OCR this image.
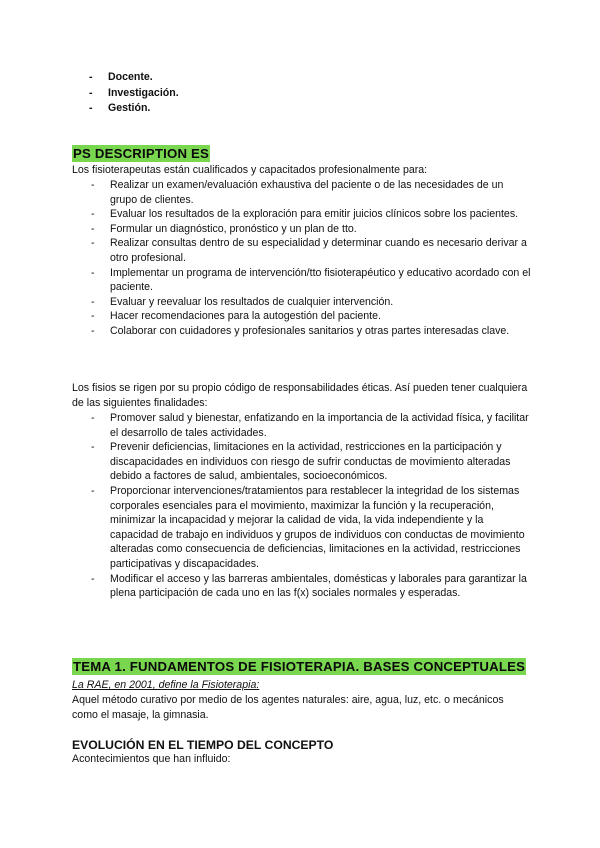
- Docente.
- Investigación.
- Gestión.
PS DESCRIPTION ES
Los fisioterapeutas están cualificados y capacitados profesionalmente para:
- Realizar un examen/evaluación exhaustiva del paciente o de las necesidades de un grupo de clientes.
- Evaluar los resultados de la exploración para emitir juicios clínicos sobre los pacientes.
- Formular un diagnóstico, pronóstico y un plan de tto.
- Realizar consultas dentro de su especialidad y determinar cuando es necesario derivar a otro profesional.
- Implementar un programa de intervención/tto fisioterapéutico y educativo acordado con el paciente.
- Evaluar y reevaluar los resultados de cualquier intervención.
- Hacer recomendaciones para la autogestión del paciente.
- Colaborar con cuidadores y profesionales sanitarios y otras partes interesadas clave.
Los fisios se rigen por su propio código de responsabilidades éticas. Así pueden tener cualquiera de las siguientes finalidades:
- Promover salud y bienestar, enfatizando en la importancia de la actividad física, y facilitar el desarrollo de tales actividades.
- Prevenir deficiencias, limitaciones en la actividad, restricciones en la participación y discapacidades en individuos con riesgo de sufrir conductas de movimiento alteradas debido a factores de salud, ambientales, socioeconómicos.
- Proporcionar intervenciones/tratamientos para restablecer la integridad de los sistemas corporales esenciales para el movimiento, maximizar la función y la recuperación, minimizar la incapacidad y mejorar la calidad de vida, la vida independiente y la capacidad de trabajo en individuos y grupos de individuos con conductas de movimiento alteradas como consecuencia de deficiencias, limitaciones en la actividad, restricciones participativas y discapacidades.
- Modificar el acceso y las barreras ambientales, domésticas y laborales para garantizar la plena participación de cada uno en las f(x) sociales normales y esperadas.
TEMA 1. FUNDAMENTOS DE FISIOTERAPIA. BASES CONCEPTUALES
La RAE, en 2001, define la Fisioterapia:
Aquel método curativo por medio de los agentes naturales: aire, agua, luz, etc. o mecánicos como el masaje, la gimnasia.
EVOLUCIÓN EN EL TIEMPO DEL CONCEPTO
Acontecimientos que han influido:
